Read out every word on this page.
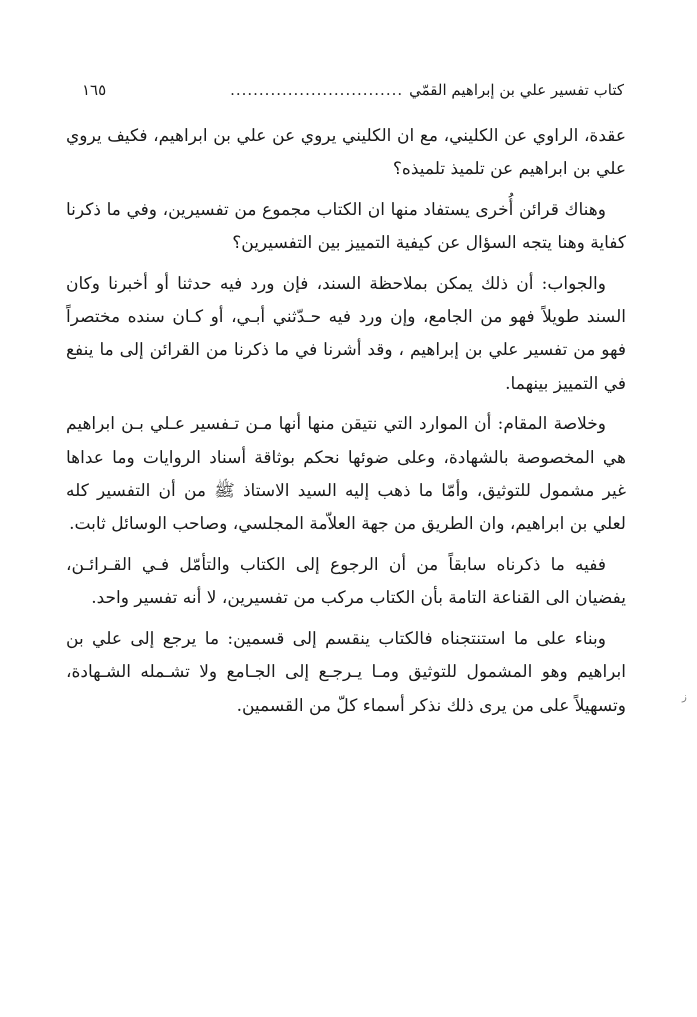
كتاب تفسير علي بن إبراهيم القمّي
..............................
١٦٥

عقدة، الراوي عن الكليني، مع ان الكليني يروي عن علي بن ابراهيم، فكيف يروي علي بن ابراهيم عن تلميذ تلميذه؟

وهناك قرائن أُخرى يستفاد منها ان الكتاب مجموع من تفسيرين، وفي ما ذكرنا كفاية وهنا يتجه السؤال عن كيفية التمييز بين التفسيرين؟

والجواب: أن ذلك يمكن بملاحظة السند، فإن ورد فيه حدثنا أو أخبرنا وكان السند طويلاً فهو من الجامع، وإن ورد فيه حـدّثني أبـي، أو كـان سنده مختصراً فهو من تفسير علي بن إبراهيم ، وقد أشرنا في ما ذكرنا من القرائن إلى ما ينفع في التمييز بينهما.

وخلاصة المقام: أن الموارد التي نتيقن منها أنها مـن تـفسير عـلي بـن ابراهيم هي المخصوصة بالشهادة، وعلى ضوئها نحكم بوثاقة أسناد الروايات وما عداها غير مشمول للتوثيق، وأمّا ما ذهب إليه السيد الاستاذ ﷺ من أن التفسير كله لعلي بن ابراهيم، وان الطريق من جهة العلاّمة المجلسي، وصاحب الوسائل ثابت.

ففيه ما ذكرناه سابقاً من أن الرجوع إلى الكتاب والتأمّل فـي القـرائـن، يفضيان الى القناعة التامة بأن الكتاب مركب من تفسيرين، لا أنه تفسير واحد.

وبناء على ما استنتجناه فالكتاب ينقسم إلى قسمين: ما يرجع إلى علي بن ابراهيم وهو المشمول للتوثيق ومـا يـرجـع إلى الجـامع ولا تشـمله الشـهادة، وتسهيلاً على من يرى ذلك نذكر أسماء كلّ من القسمين.	ز
